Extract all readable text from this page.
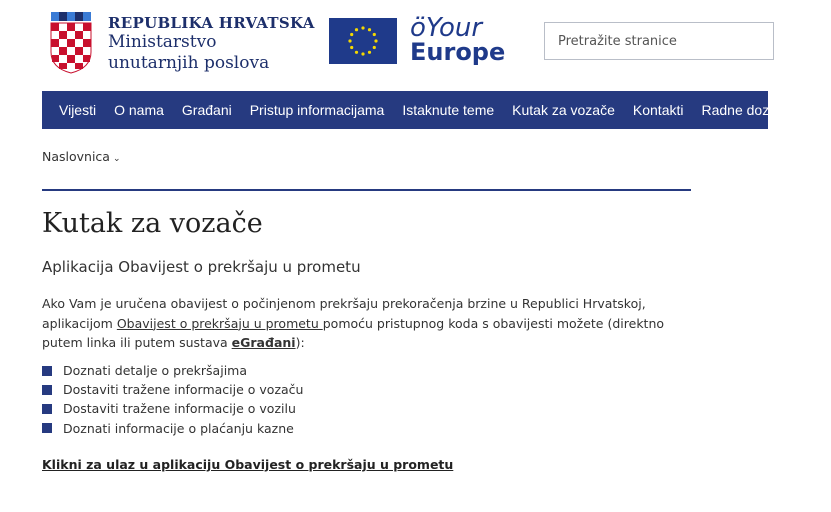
REPUBLIKA HRVATSKA
Ministarstvo
unutarnjih poslova
öYour
Europe
Pretražite stranice
Vijesti	O nama	Građani	Pristup informacijama	Istaknute teme	Kutak za vozače	Kontakti	Radne dozvole	S
Naslovnica ⌄
Kutak za vozače
Aplikacija Obavijest o prekršaju u prometu
Ako Vam je uručena obavijest o počinjenom prekršaju prekoračenja brzine u Republici Hrvatskoj, aplikacijom Obavijest o prekršaju u prometu pomoću pristupnog koda s obavijesti možete (direktno putem linka ili putem sustava eGrađani):
Doznati detalje o prekršajima
Dostaviti tražene informacije o vozaču
Dostaviti tražene informacije o vozilu
Doznati informacije o plaćanju kazne
Klikni za ulaz u aplikaciju Obavijest o prekršaju u prometu
